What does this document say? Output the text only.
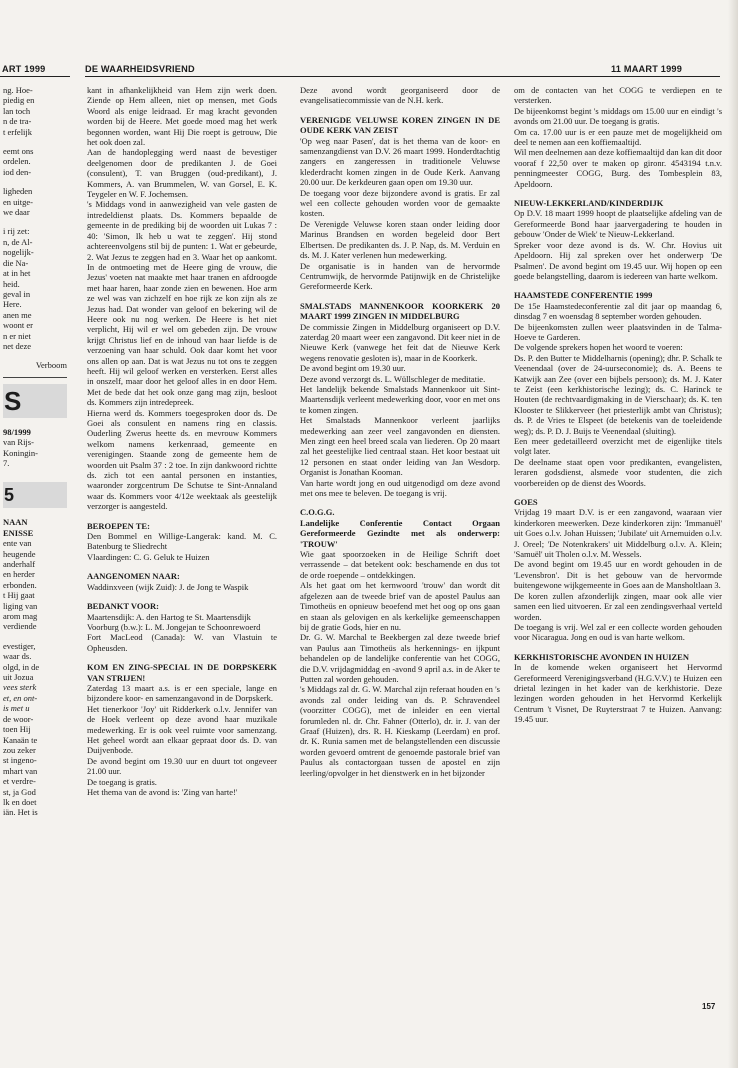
ART 1999	DE WAARHEIDSVRIEND	11 MAART 1999
ng. Hoe-
piedig en
lan toch
n de tra-
t erfelijk
eemt ons
ordelen.
iod den-
ligheden
en uitge-
we daar
i rij zet:
n, de Al-
nogelijk-
die Na-
at in het
heid.
geval in
Here.
anen me
woont er
n er niet
net deze
Verboom
S
98/1999
van Rijs-
Koningin-
7.
5
NAAN
ENISSE
ente van
heugende
anderhalf
en herder
erbonden.
t Hij gaat
liging van
arom mag
verdiende
evestiger,
waar ds.
olgd, in de
uit Jozua
vees sterk
et, en ont-
is met u
de woor-
toen Hij
Kanaän te
zou zeker
st ingeno-
mhart van
et verdre-
st, ja God
lk en doet
iän. Het is

kant in afhankelijkheid van Hem zijn werk doen. Ziende op Hem alleen, niet op mensen, met Gods Woord als enige leidraad. Er mag kracht gevonden worden bij de Heere. Met goede moed mag het werk begonnen worden, want Hij Die roept is getrouw, Die het ook doen zal.

Aan de handoplegging werd naast de bevestiger deelgenomen door de predikanten J. de Goei (consulent), T. van Bruggen (oud-predikant), J. Kommers, A. van Brummelen, W. van Gorsel, E. K. Teygeler en W. F. Jochemsen.

's Middags vond in aanwezigheid van vele gasten de intredeldienst plaats. Ds. Kommers bepaalde de gemeente in de prediking bij de woorden uit Lukas 7 : 40: 'Simon, Ik heb u wat te zeggen'. Hij stond achtereenvolgens stil bij de punten: 1. Wat er gebeurde, 2. Wat Jezus te zeggen had en 3. Waar het op aankomt. In de ontmoeting met de Heere ging de vrouw, die Jezus' voeten nat maakte met haar tranen en afdroogde met haar haren, haar zonde zien en bewenen. Hoe arm ze wel was van zichzelf en hoe rijk ze kon zijn als ze Jezus had. Dat wonder van geloof en bekering wil de Heere ook nu nog werken. De Heere is het niet verplicht, Hij wil er wel om gebeden zijn. De vrouw krijgt Christus lief en de inhoud van haar liefde is de verzoening van haar schuld. Ook daar komt het voor ons allen op aan. Dat is wat Jezus nu tot ons te zeggen heeft. Hij wil geloof werken en versterken. Eerst alles in onszelf, maar door het geloof alles in en door Hem. Met de bede dat het ook onze gang mag zijn, besloot ds. Kommers zijn intredepreek.

Hierna werd ds. Kommers toegesproken door ds. De Goei als consulent en namens ring en classis. Ouderling Zwerus heette ds. en mevrouw Kommers welkom namens kerkenraad, gemeente en verenigingen. Staande zong de gemeente hem de woorden uit Psalm 37 : 2 toe. In zijn dankwoord richtte ds. zich tot een aantal personen en instanties, waaronder zorgcentrum De Schutse te Sint-Annaland waar ds. Kommers voor 4/12e weektaak als geestelijk verzorger is aangesteld.

BEROEPEN TE:

Den Bommel en Willige-Langerak: kand. M. C. Batenburg te Sliedrecht

Vlaardingen: C. G. Geluk te Huizen

AANGENOMEN NAAR:

Waddinxveen (wijk Zuid): J. de Jong te Waspik

BEDANKT VOOR:

Maartensdijk: A. den Hartog te St. Maartensdijk

Voorburg (b.w.): L. M. Jongejan te Schoonrewoerd

Fort MacLeod (Canada): W. van Vlastuin te Opheusden.

KOM EN ZING-SPECIAL IN DE DORPSKERK VAN STRIJEN!

Zaterdag 13 maart a.s. is er een speciale, lange en bijzondere koor- en samenzangavond in de Dorpskerk.

Het tienerkoor 'Joy' uit Ridderkerk o.l.v. Jennifer van de Hoek verleent op deze avond haar muzikale medewerking. Er is ook veel ruimte voor samenzang. Het geheel wordt aan elkaar gepraat door ds. D. van Duijvenbode.

De avond begint om 19.30 uur en duurt tot ongeveer 21.00 uur.

De toegang is gratis.

Het thema van de avond is: 'Zing van harte!'

Deze avond wordt georganiseerd door de evangelisatiecommissie van de N.H. kerk.

VERENIGDE VELUWSE KOREN ZINGEN IN DE OUDE KERK VAN ZEIST

'Op weg naar Pasen', dat is het thema van de koor- en samenzangdienst van D.V. 26 maart 1999. Honderdtachtig zangers en zangeressen in traditionele Veluwse klederdracht komen zingen in de Oude Kerk. Aanvang 20.00 uur. De kerkdeuren gaan open om 19.30 uur.

De toegang voor deze bijzondere avond is gratis. Er zal wel een collecte gehouden worden voor de gemaakte kosten.

De Verenigde Veluwse koren staan onder leiding door Marinus Brandsen en worden begeleid door Bert Elbertsen. De predikanten ds. J. P. Nap, ds. M. Verduin en ds. M. J. Kater verlenen hun medewerking.

De organisatie is in handen van de hervormde Centrumwijk, de hervormde Patijnwijk en de Christelijke Gereformeerde Kerk.

SMALSTADS MANNENKOOR KOORKERK 20 MAART 1999 ZINGEN IN MIDDELBURG

De commissie Zingen in Middelburg organiseert op D.V. zaterdag 20 maart weer een zangavond. Dit keer niet in de Nieuwe Kerk (vanwege het feit dat de Nieuwe Kerk wegens renovatie gesloten is), maar in de Koorkerk.

De avond begint om 19.30 uur.

Deze avond verzorgt ds. L. Wüllschleger de meditatie.

Het landelijk bekende Smalstads Mannenkoor uit Sint-Maartensdijk verleent medewerking door, voor en met ons te komen zingen.

Het Smalstads Mannenkoor verleent jaarlijks medewerking aan zeer veel zangavonden en diensten. Men zingt een heel breed scala van liederen. Op 20 maart zal het geestelijke lied centraal staan. Het koor bestaat uit 12 personen en staat onder leiding van Jan Wesdorp. Organist is Jonathan Kooman.

Van harte wordt jong en oud uitgenodigd om deze avond met ons mee te beleven. De toegang is vrij.

C.O.G.G.

Landelijke Conferentie Contact Orgaan Gereformeerde Gezindte met als onderwerp: 'TROUW'

Wie gaat spoorzoeken in de Heilige Schrift doet verrassende – dat betekent ook: beschamende en dus tot de orde roepende – ontdekkingen.

Als het gaat om het kernwoord 'trouw' dan wordt dit afgelezen aan de tweede brief van de apostel Paulus aan Timotheüs en opnieuw beoefend met het oog op ons gaan en staan als gelovigen en als kerkelijke gemeenschappen bij de gratie Gods, hier en nu.

Dr. G. W. Marchal te Beekbergen zal deze tweede brief van Paulus aan Timotheüs als herkennings- en ijkpunt behandelen op de landelijke conferentie van het COGG, die D.V. vrijdagmiddag en -avond 9 april a.s. in de Aker te Putten zal worden gehouden.

's Middags zal dr. G. W. Marchal zijn referaat houden en 's avonds zal onder leiding van ds. P. Schravendeel (voorzitter COGG), met de inleider en een viertal forumleden nl. dr. Chr. Fahner (Otterlo), dr. ir. J. van der Graaf (Huizen), drs. R. H. Kieskamp (Leerdam) en prof. dr. K. Runia samen met de belangstellenden een discussie worden gevoerd omtrent de genoemde pastorale brief van Paulus als contactorgaan tussen de apostel en zijn leerling/opvolger in het dienstwerk en in het bijzonder

om de contacten van het COGG te verdiepen en te versterken.

De bijeenkomst begint 's middags om 15.00 uur en eindigt 's avonds om 21.00 uur. De toegang is gratis.

Om ca. 17.00 uur is er een pauze met de mogelijkheid om deel te nemen aan een koffiemaaltijd.

Wil men deelnemen aan deze koffiemaaltijd dan kan dit door vooraf f 22,50 over te maken op gironr. 4543194 t.n.v. penningmeester COGG, Burg. des Tombesplein 83, Apeldoorn.

NIEUW-LEKKERLAND/KINDERDIJK

Op D.V. 18 maart 1999 hoopt de plaatselijke afdeling van de Gereformeerde Bond haar jaarvergadering te houden in gebouw 'Onder de Wiek' te Nieuw-Lekkerland.

Spreker voor deze avond is ds. W. Chr. Hovius uit Apeldoorn. Hij zal spreken over het onderwerp 'De Psalmen'. De avond begint om 19.45 uur. Wij hopen op een goede belangstelling, daarom is iedereen van harte welkom.

HAAMSTEDE CONFERENTIE 1999

De 15e Haamstedeconferentie zal dit jaar op maandag 6, dinsdag 7 en woensdag 8 september worden gehouden.

De bijeenkomsten zullen weer plaatsvinden in de Talma-Hoeve te Garderen.

De volgende sprekers hopen het woord te voeren:

Ds. P. den Butter te Middelharnis (opening); dhr. P. Schalk te Veenendaal (over de 24-uurseconomie); ds. A. Beens te Katwijk aan Zee (over een bijbels persoon); ds. M. J. Kater te Zeist (een kerkhistorische lezing); ds. C. Harinck te Houten (de rechtvaardigmaking in de Vierschaar); ds. K. ten Klooster te Slikkerveer (het priesterlijk ambt van Christus); ds. P. de Vries te Elspeet (de betekenis van de toeleidende weg); ds. P. D. J. Buijs te Veenendaal (sluiting).

Een meer gedetailleerd overzicht met de eigenlijke titels volgt later.

De deelname staat open voor predikanten, evangelisten, leraren godsdienst, alsmede voor studenten, die zich voorbereiden op de dienst des Woords.

GOES

Vrijdag 19 maart D.V. is er een zangavond, waaraan vier kinderkoren meewerken. Deze kinderkoren zijn: 'Immanuël' uit Goes o.l.v. Johan Huissen; 'Jubilate' uit Arnemuiden o.l.v. J. Oreel; 'De Notenkrakers' uit Middelburg o.l.v. A. Klein; 'Samuël' uit Tholen o.l.v. M. Wessels.

De avond begint om 19.45 uur en wordt gehouden in de 'Levensbron'. Dit is het gebouw van de hervormde buitengewone wijkgemeente in Goes aan de Mansholtlaan 3.

De koren zullen afzonderlijk zingen, maar ook alle vier samen een lied uitvoeren. Er zal een zendingsverhaal verteld worden.

De toegang is vrij. Wel zal er een collecte worden gehouden voor Nicaragua. Jong en oud is van harte welkom.

KERKHISTORISCHE AVONDEN IN HUIZEN

In de komende weken organiseert het Hervormd Gereformeerd Verenigingsverband (H.G.V.V.) te Huizen een drietal lezingen in het kader van de kerkhistorie. Deze lezingen worden gehouden in het Hervormd Kerkelijk Centrum 't Visnet, De Ruyterstraat 7 te Huizen. Aanvang: 19.45 uur.

157
